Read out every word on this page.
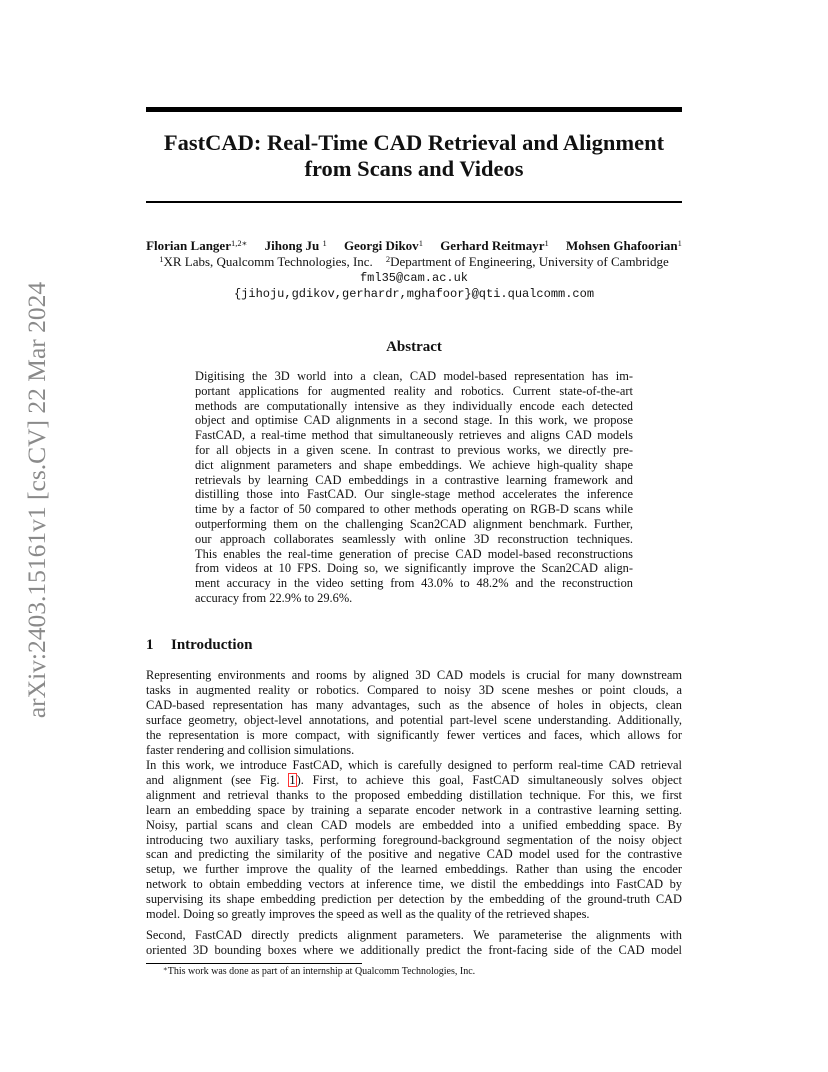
arXiv:2403.15161v1 [cs.CV] 22 Mar 2024
FastCAD: Real-Time CAD Retrieval and Alignment
from Scans and Videos
Florian Langer$^{1,2∗}$ Jihong Ju $^1$ Georgi Dikov$^1$ Gerhard Reitmayr$^1$ Mohsen Ghafoorian$^1$
$^1$XR Labs, Qualcomm Technologies, Inc. $^2$Department of Engineering, University of Cambridge
fml35@cam.ac.uk
{jihoju,gdikov,gerhardr,mghafoor}@qti.qualcomm.com
Abstract
Digitising the 3D world into a clean, CAD model-based representation has im-
portant applications for augmented reality and robotics. Current state-of-the-art
methods are computationally intensive as they individually encode each detected
object and optimise CAD alignments in a second stage. In this work, we propose
FastCAD, a real-time method that simultaneously retrieves and aligns CAD models
for all objects in a given scene. In contrast to previous works, we directly pre-
dict alignment parameters and shape embeddings. We achieve high-quality shape
retrievals by learning CAD embeddings in a contrastive learning framework and
distilling those into FastCAD. Our single-stage method accelerates the inference
time by a factor of 50 compared to other methods operating on RGB-D scans while
outperforming them on the challenging Scan2CAD alignment benchmark. Further,
our approach collaborates seamlessly with online 3D reconstruction techniques.
This enables the real-time generation of precise CAD model-based reconstructions
from videos at 10 FPS. Doing so, we significantly improve the Scan2CAD align-
ment accuracy in the video setting from 43.0% to 48.2% and the reconstruction
accuracy from 22.9% to 29.6%.
1 Introduction
Representing environments and rooms by aligned 3D CAD models is crucial for many downstream
tasks in augmented reality or robotics. Compared to noisy 3D scene meshes or point clouds, a
CAD-based representation has many advantages, such as the absence of holes in objects, clean
surface geometry, object-level annotations, and potential part-level scene understanding. Additionally,
the representation is more compact, with significantly fewer vertices and faces, which allows for
faster rendering and collision simulations.
In this work, we introduce FastCAD, which is carefully designed to perform real-time CAD retrieval
and alignment (see Fig. 1). First, to achieve this goal, FastCAD simultaneously solves object
alignment and retrieval thanks to the proposed embedding distillation technique. For this, we first
learn an embedding space by training a separate encoder network in a contrastive learning setting.
Noisy, partial scans and clean CAD models are embedded into a unified embedding space. By
introducing two auxiliary tasks, performing foreground-background segmentation of the noisy object
scan and predicting the similarity of the positive and negative CAD model used for the contrastive
setup, we further improve the quality of the learned embeddings. Rather than using the encoder
network to obtain embedding vectors at inference time, we distil the embeddings into FastCAD by
supervising its shape embedding prediction per detection by the embedding of the ground-truth CAD
model. Doing so greatly improves the speed as well as the quality of the retrieved shapes.
Second, FastCAD directly predicts alignment parameters. We parameterise the alignments with
oriented 3D bounding boxes where we additionally predict the front-facing side of the CAD model
∗This work was done as part of an internship at Qualcomm Technologies, Inc.
